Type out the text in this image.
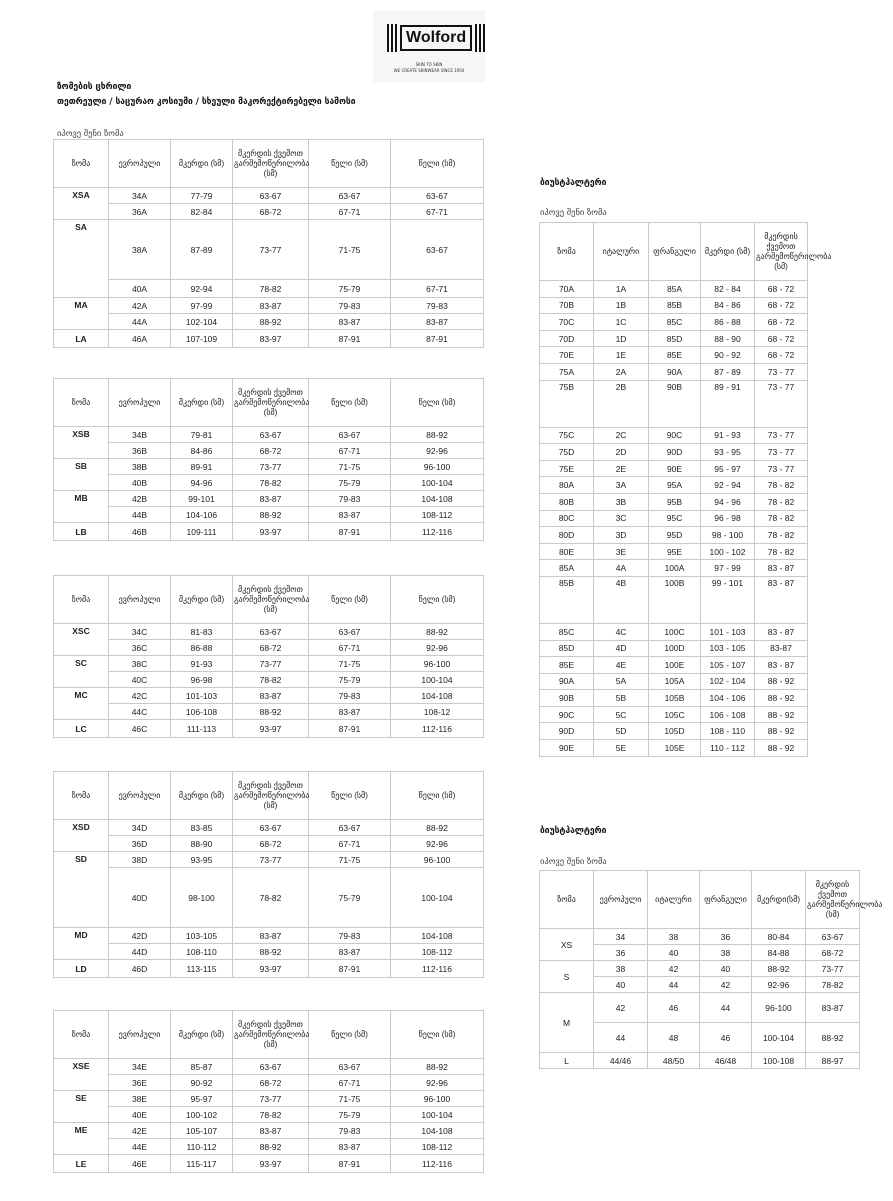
Wolford
SKIN TO SKIN
WE CREATE SKINWEAR SINCE 1950
ზომების ცხრილი
თეთრეული / საცურაო კოსიუმი / სხეული მაკორექტირებელი სამოსი
იპოვე შენი ზომა
ბიუსტჰალტერი
იპოვე შენი ზომა
ბიუსტჰალტერი
იპოვე შენი ზომა
ზომა	ევროპული	მკერდი (სმ)	მკერდის ქვემოთ გარშემოწერილობა (სმ)	წელი (სმ)	წელი (სმ)
XSA	34A	77-79	63-67	63-67	63-67
	36A	82-84	68-72	67-71	67-71
SA	38A	87-89	73-77	71-75	63-67
	40A	92-94	78-82	75-79	67-71
MA	42A	97-99	83-87	79-83	79-83
	44A	102-104	88-92	83-87	83-87
LA	46A	107-109	83-97	87-91	87-91
ზომა	ევროპული	მკერდი (სმ)	მკერდის ქვემოთ გარშემოწერილობა (სმ)	წელი (სმ)	წელი (სმ)
XSB	34B	79-81	63-67	63-67	88-92
	36B	84-86	68-72	67-71	92-96
SB	38B	89-91	73-77	71-75	96-100
	40B	94-96	78-82	75-79	100-104
MB	42B	99-101	83-87	79-83	104-108
	44B	104-106	88-92	83-87	108-112
LB	46B	109-111	93-97	87-91	112-116
ზომა	ევროპული	მკერდი (სმ)	მკერდის ქვემოთ გარშემოწერილობა (სმ)	წელი (სმ)	წელი (სმ)
XSC	34C	81-83	63-67	63-67	88-92
	36C	86-88	68-72	67-71	92-96
SC	38C	91-93	73-77	71-75	96-100
	40C	96-98	78-82	75-79	100-104
MC	42C	101-103	83-87	79-83	104-108
	44C	106-108	88-92	83-87	108-12
LC	46C	111-113	93-97	87-91	112-116
ზომა	ევროპული	მკერდი (სმ)	მკერდის ქვემოთ გარშემოწერილობა (სმ)	წელი (სმ)	წელი (სმ)
XSD	34D	83-85	63-67	63-67	88-92
	36D	88-90	68-72	67-71	92-96
SD	38D	93-95	73-77	71-75	96-100
	40D	98-100	78-82	75-79	100-104
MD	42D	103-105	83-87	79-83	104-108
	44D	108-110	88-92	83-87	108-112
LD	46D	113-115	93-97	87-91	112-116
ზომა	ევროპული	მკერდი (სმ)	მკერდის ქვემოთ გარშემოწერილობა (სმ)	წელი (სმ)	წელი (სმ)
XSE	34E	85-87	63-67	63-67	88-92
	36E	90-92	68-72	67-71	92-96
SE	38E	95-97	73-77	71-75	96-100
	40E	100-102	78-82	75-79	100-104
ME	42E	105-107	83-87	79-83	104-108
	44E	110-112	88-92	83-87	108-112
LE	46E	115-117	93-97	87-91	112-116
ზომა	იტალური	ფრანგული	მკერდი (სმ)	მკერდის ქვემოთ გარშემოწერილობა (სმ)
70A	1A	85A	82 - 84	68 - 72
70B	1B	85B	84 - 86	68 - 72
70C	1C	85C	86 - 88	68 - 72
70D	1D	85D	88 - 90	68 - 72
70E	1E	85E	90 - 92	68 - 72
75A	2A	90A	87 - 89	73 - 77
75B	2B	90B	89 - 91	73 - 77
75C	2C	90C	91 - 93	73 - 77
75D	2D	90D	93 - 95	73 - 77
75E	2E	90E	95 - 97	73 - 77
80A	3A	95A	92 - 94	78 - 82
80B	3B	95B	94 - 96	78 - 82
80C	3C	95C	96 - 98	78 - 82
80D	3D	95D	98 - 100	78 - 82
80E	3E	95E	100 - 102	78 - 82
85A	4A	100A	97 - 99	83 - 87
85B	4B	100B	99 - 101	83 - 87
85C	4C	100C	101 - 103	83 - 87
85D	4D	100D	103 - 105	83-87
85E	4E	100E	105 - 107	83 - 87
90A	5A	105A	102 - 104	88 - 92
90B	5B	105B	104 - 106	88 - 92
90C	5C	105C	106 - 108	88 - 92
90D	5D	105D	108 - 110	88 - 92
90E	5E	105E	110 - 112	88 - 92
ზომა	ევროპული	იტალური	ფრანგული	მკერდი(სმ)	მკერდის ქვემოთ გარშემოწერილობა (სმ)
XS	34	38	36	80-84	63-67
	36	40	38	84-88	68-72
S	38	42	40	88-92	73-77
	40	44	42	92-96	78-82
M	42	46	44	96-100	83-87
	44	48	46	100-104	88-92
L	44/46	48/50	46/48	100-108	88-97
